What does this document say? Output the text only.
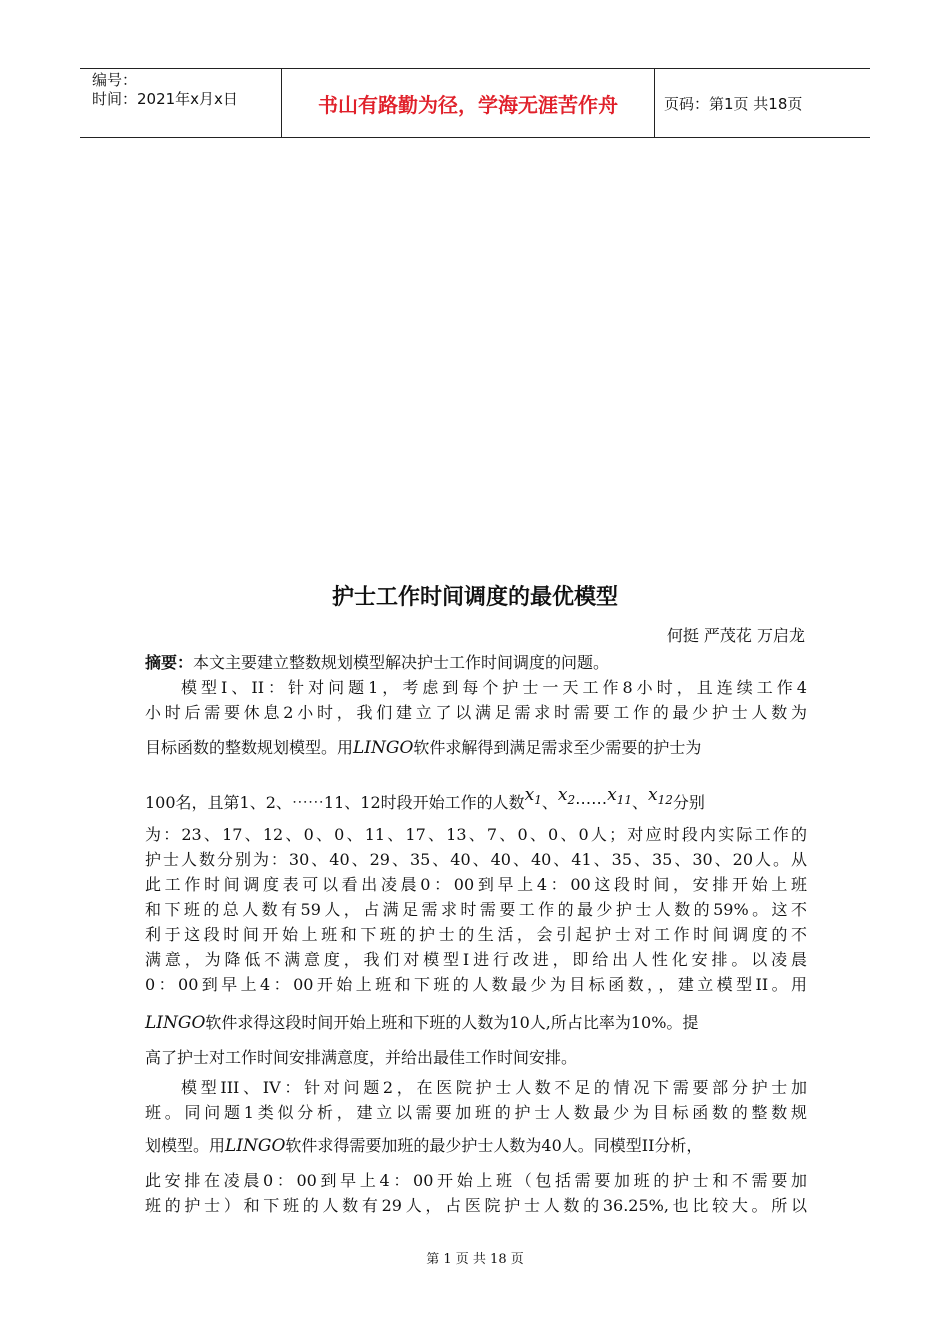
编号：
时间：2021年x月x日	书山有路勤为径，学海无涯苦作舟	页码：第1页 共18页
护士工作时间调度的最优模型
何挺 严茂花 万启龙
摘要：本文主要建立整数规划模型解决护士工作时间调度的问题。
模型I、II：针对问题1，考虑到每个护士一天工作8小时，且连续工作4
小时后需要休息2小时，我们建立了以满足需求时需要工作的最少护士人数为
目标函数的整数规划模型。用LINGO软件求解得到满足需求至少需要的护士为
100名，且第1、2、⋯⋯11、12时段开始工作的人数$x^1$、$x^2\cdots\cdots x^{11}$、$x^{12}$分别
为：23、17、12、0、0、11、17、13、7、0、0、0人；对应时段内实际工作的
护士人数分别为：30、40、29、35、40、40、40、41、35、35、30、20人。从
此工作时间调度表可以看出凌晨0：00到早上4：00这段时间，安排开始上班
和下班的总人数有59人，占满足需求时需要工作的最少护士人数的59%。这不
利于这段时间开始上班和下班的护士的生活，会引起护士对工作时间调度的不
满意，为降低不满意度，我们对模型I进行改进，即给出人性化安排。以凌晨
0：00到早上4：00开始上班和下班的人数最少为目标函数，，建立模型II。用
LINGO软件求得这段时间开始上班和下班的人数为10人,所占比率为10%。提
高了护士对工作时间安排满意度，并给出最佳工作时间安排。
模型III、IV：针对问题2，在医院护士人数不足的情况下需要部分护士加
班。同问题1类似分析，建立以需要加班的护士人数最少为目标函数的整数规
划模型。用LINGO软件求得需要加班的最少护士人数为40人。同模型II分析，
此安排在凌晨0：00到早上4：00开始上班（包括需要加班的护士和不需要加
班的护士）和下班的人数有29人，占医院护士人数的36.25%,也比较大。所以
第 1 页 共 18 页
